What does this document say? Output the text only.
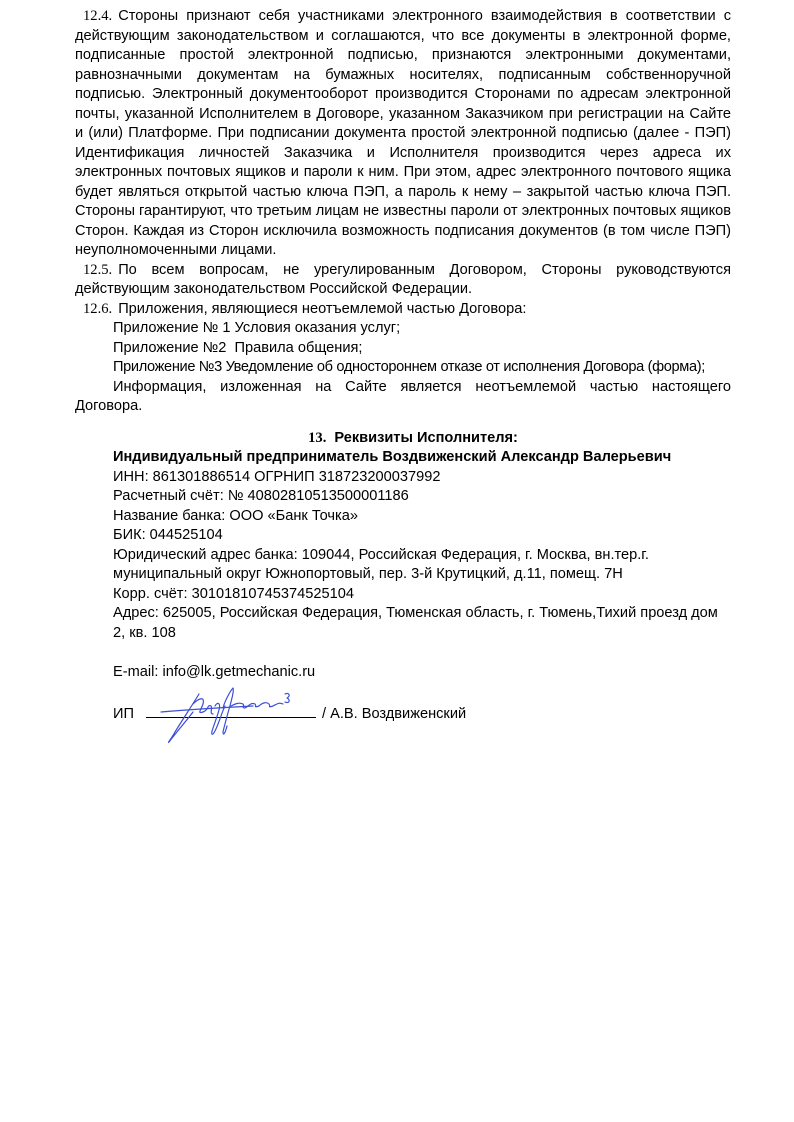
12.4. Стороны признают себя участниками электронного взаимодействия в соответствии с
действующим законодательством и соглашаются, что все документы в электронной форме,
подписанные простой электронной подписью, признаются электронными документами,
равнозначными документам на бумажных носителях, подписанным собственноручной
подписью. Электронный документооборот производится Сторонами по адресам электронной
почты, указанной Исполнителем в Договоре, указанном Заказчиком при регистрации на Сайте
и (или) Платформе. При подписании документа простой электронной подписью (далее - ПЭП)
Идентификация личностей Заказчика и Исполнителя производится через адреса их
электронных почтовых ящиков и пароли к ним. При этом, адрес электронного почтового ящика
будет являться открытой частью ключа ПЭП, а пароль к нему – закрытой частью ключа ПЭП.
Стороны гарантируют, что третьим лицам не известны пароли от электронных почтовых ящиков
Сторон. Каждая из Сторон исключила возможность подписания документов (в том числе ПЭП)
неуполномоченными лицами.
12.5. По всем вопросам, не урегулированным Договором, Стороны руководствуются
действующим законодательством Российской Федерации.
12.6. Приложения, являющиеся неотъемлемой частью Договора:
Приложение № 1 Условия оказания услуг;
Приложение №2  Правила общения;
Приложение №3 Уведомление об одностороннем отказе от исполнения Договора (форма);
Информация, изложенная на Сайте является неотъемлемой частью настоящего
Договора.
13. Реквизиты Исполнителя:
Индивидуальный предприниматель Воздвиженский Александр Валерьевич
ИНН: 861301886514 ОГРНИП 318723200037992
Расчетный счёт: № 40802810513500001186
Название банка: ООО «Банк Точка»
БИК: 044525104
Юридический адрес банка: 109044, Российская Федерация, г. Москва, вн.тер.г.
муниципальный округ Южнопортовый, пер. 3-й Крутицкий, д.11, помещ. 7Н
Корр. счёт: 30101810745374525104
Адрес: 625005, Российская Федерация, Тюменская область, г. Тюмень,Тихий проезд дом
2, кв. 108
E-mail: info@lk.getmechanic.ru
ИП	/ А.В. Воздвиженский
